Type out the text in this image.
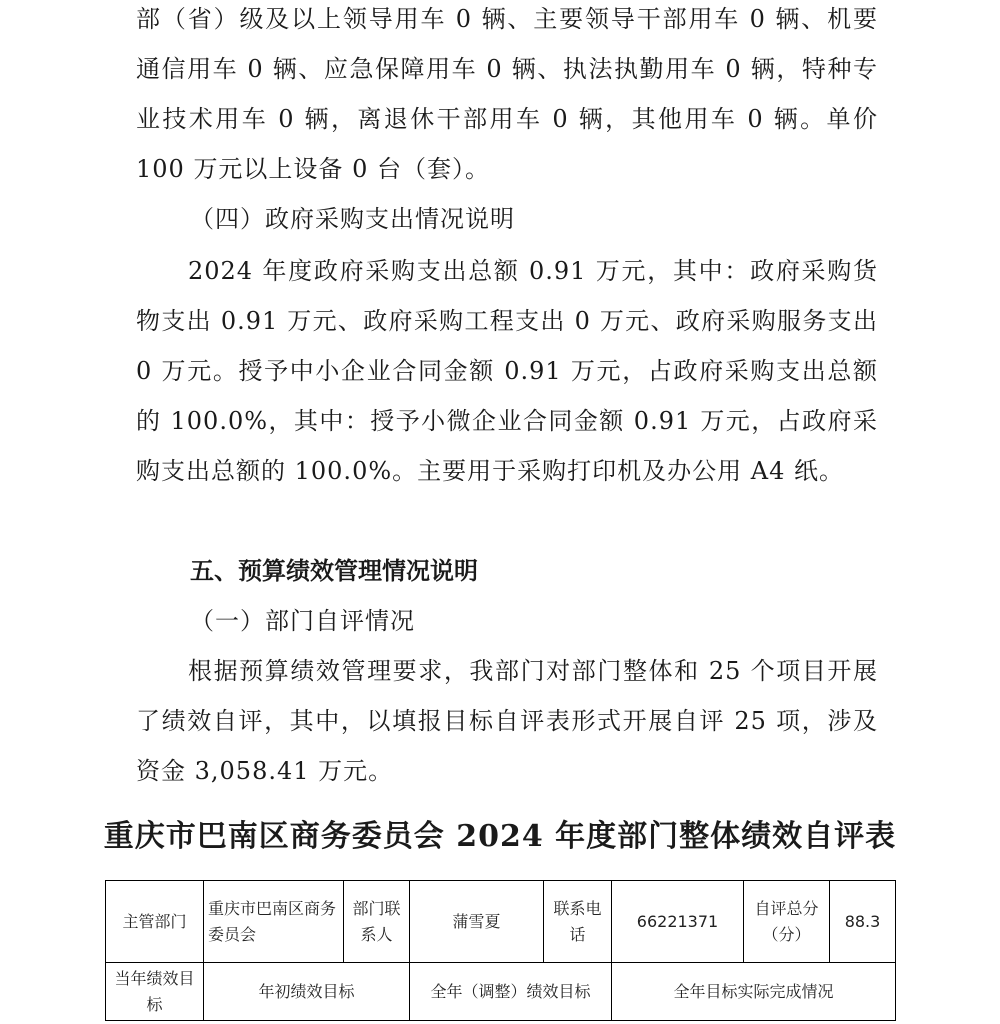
部（省）级及以上领导用车 0 辆、主要领导干部用车 0 辆、机要通信用车 0 辆、应急保障用车 0 辆、执法执勤用车 0 辆，特种专业技术用车 0 辆，离退休干部用车 0 辆，其他用车 0 辆。单价 100 万元以上设备 0 台（套）。

（四）政府采购支出情况说明

2024 年度政府采购支出总额 0.91 万元，其中：政府采购货物支出 0.91 万元、政府采购工程支出 0 万元、政府采购服务支出 0 万元。授予中小企业合同金额 0.91 万元，占政府采购支出总额的 100.0%，其中：授予小微企业合同金额 0.91 万元，占政府采购支出总额的 100.0%。主要用于采购打印机及办公用 A4 纸。

五、预算绩效管理情况说明

（一）部门自评情况

根据预算绩效管理要求，我部门对部门整体和 25 个项目开展了绩效自评，其中，以填报目标自评表形式开展自评 25 项，涉及资金 3,058.41 万元。

重庆市巴南区商务委员会 2024 年度部门整体绩效自评表
主管部门	重庆市巴南区商务委员会	部门联系人	蒲雪夏	联系电话	66221371	自评总分（分）	88.3
当年绩效目标	年初绩效目标		全年（调整）绩效目标		全年目标实际完成情况		
